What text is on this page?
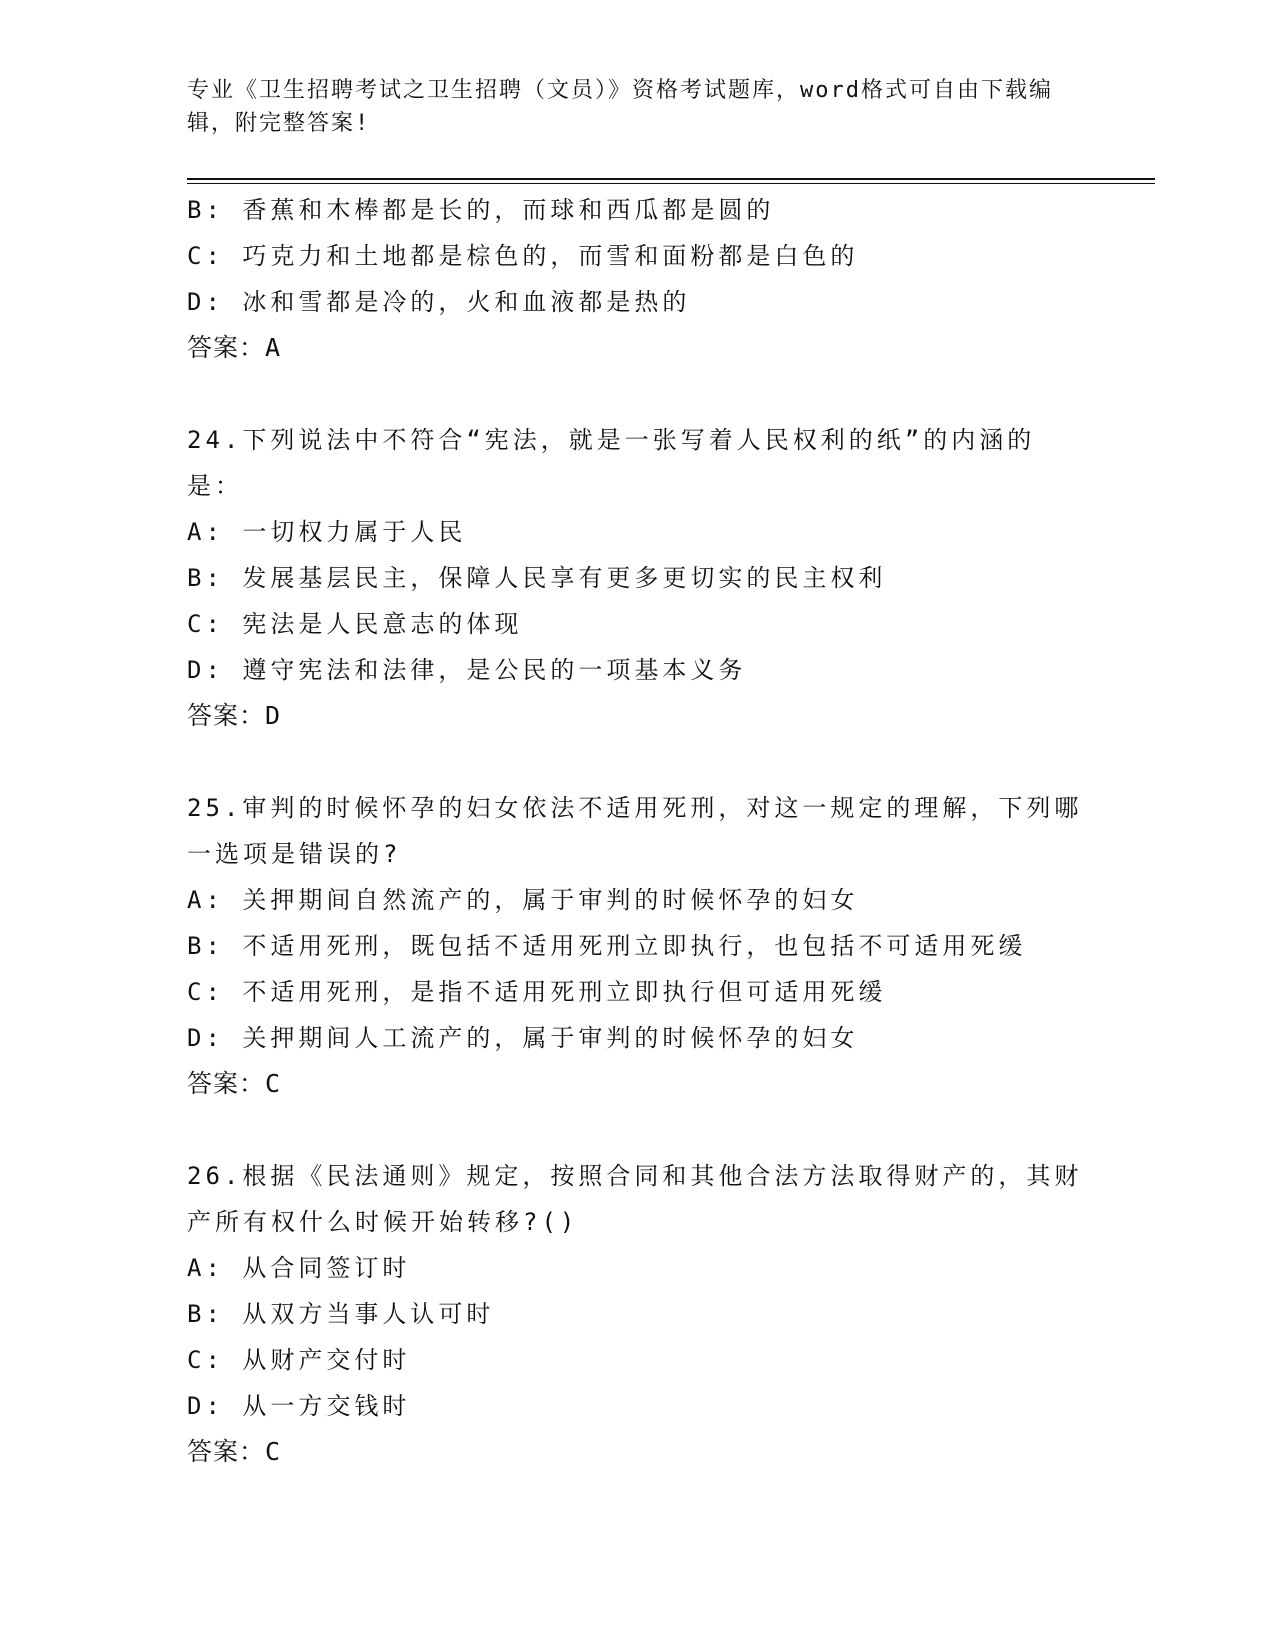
专业《卫生招聘考试之卫生招聘（文员）》资格考试题库，word格式可自由下载编辑，附完整答案!
B: 香蕉和木棒都是长的，而球和西瓜都是圆的
C: 巧克力和土地都是棕色的，而雪和面粉都是白色的
D: 冰和雪都是冷的，火和血液都是热的
答案：A
24.下列说法中不符合“宪法，就是一张写着人民权利的纸”的内涵的是：
A: 一切权力属于人民
B: 发展基层民主，保障人民享有更多更切实的民主权利
C: 宪法是人民意志的体现
D: 遵守宪法和法律，是公民的一项基本义务
答案：D
25.审判的时候怀孕的妇女依法不适用死刑，对这一规定的理解，下列哪一选项是错误的?
A: 关押期间自然流产的，属于审判的时候怀孕的妇女
B: 不适用死刑，既包括不适用死刑立即执行，也包括不可适用死缓
C: 不适用死刑，是指不适用死刑立即执行但可适用死缓
D: 关押期间人工流产的，属于审判的时候怀孕的妇女
答案：C
26.根据《民法通则》规定，按照合同和其他合法方法取得财产的，其财产所有权什么时候开始转移?()
A: 从合同签订时
B: 从双方当事人认可时
C: 从财产交付时
D: 从一方交钱时
答案：C
